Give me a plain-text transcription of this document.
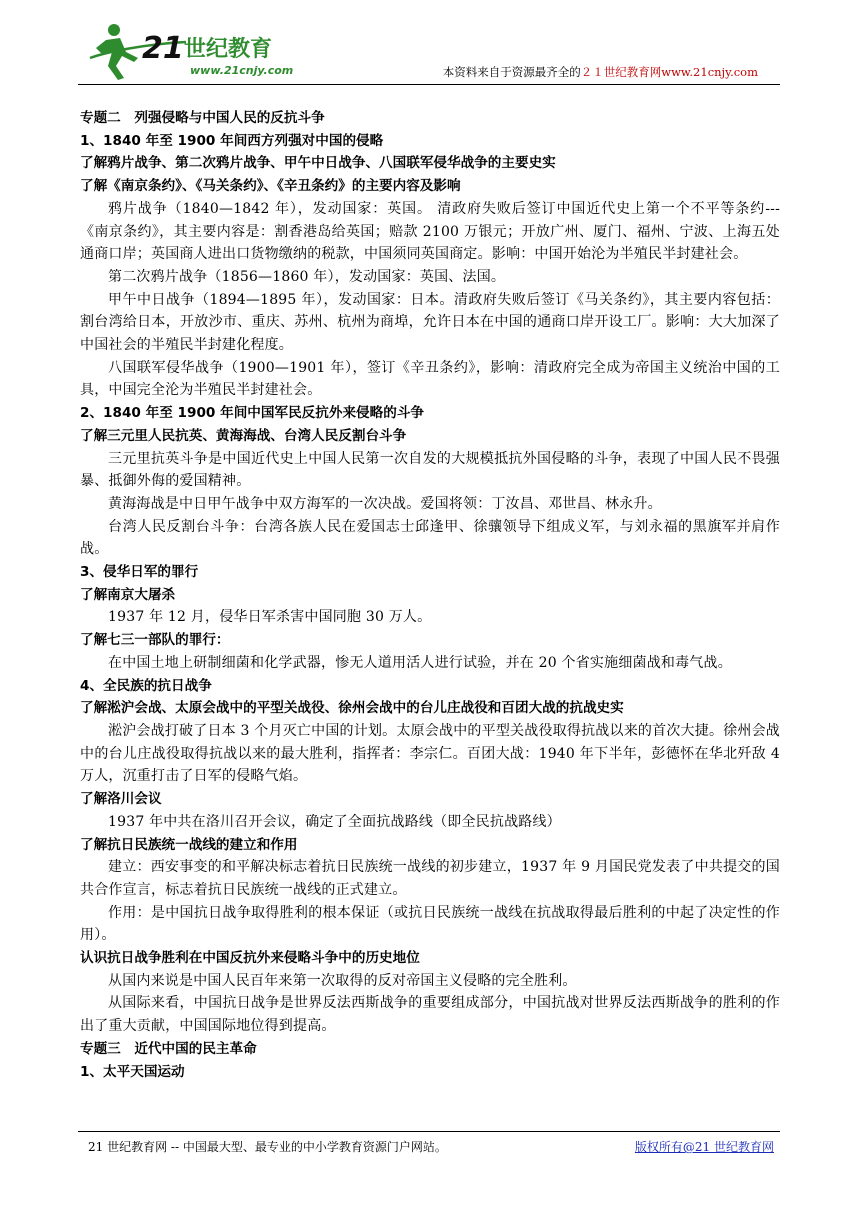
21 世纪教育
www.21cnjy.com	本资料来自于资源最齐全的２１世纪教育网www.21cnjy.com

专题二　列强侵略与中国人民的反抗斗争

1、1840 年至 1900 年间西方列强对中国的侵略

了解鸦片战争、第二次鸦片战争、甲午中日战争、八国联军侵华战争的主要史实

了解《南京条约》、《马关条约》、《辛丑条约》的主要内容及影响

鸦片战争（1840—1842 年），发动国家：英国。 清政府失败后签订中国近代史上第一个不平等条约---《南京条约》，其主要内容是：割香港岛给英国；赔款 2100 万银元；开放广州、厦门、福州、宁波、上海五处通商口岸；英国商人进出口货物缴纳的税款，中国须同英国商定。影响：中国开始沦为半殖民半封建社会。

第二次鸦片战争（1856—1860 年），发动国家：英国、法国。

甲午中日战争（1894—1895 年），发动国家：日本。清政府失败后签订《马关条约》，其主要内容包括：割台湾给日本，开放沙市、重庆、苏州、杭州为商埠，允许日本在中国的通商口岸开设工厂。影响：大大加深了中国社会的半殖民半封建化程度。

八国联军侵华战争（1900—1901 年），签订《辛丑条约》，影响：清政府完全成为帝国主义统治中国的工具，中国完全沦为半殖民半封建社会。

2、1840 年至 1900 年间中国军民反抗外来侵略的斗争

了解三元里人民抗英、黄海海战、台湾人民反割台斗争

三元里抗英斗争是中国近代史上中国人民第一次自发的大规模抵抗外国侵略的斗争，表现了中国人民不畏强暴、抵御外侮的爱国精神。

黄海海战是中日甲午战争中双方海军的一次决战。爱国将领：丁汝昌、邓世昌、林永升。

台湾人民反割台斗争：台湾各族人民在爱国志士邱逢甲、徐骧领导下组成义军，与刘永福的黑旗军并肩作战。

3、侵华日军的罪行

了解南京大屠杀

1937 年 12 月，侵华日军杀害中国同胞 30 万人。

了解七三一部队的罪行：

在中国土地上研制细菌和化学武器，惨无人道用活人进行试验，并在 20 个省实施细菌战和毒气战。

4、全民族的抗日战争

了解淞沪会战、太原会战中的平型关战役、徐州会战中的台儿庄战役和百团大战的抗战史实

淞沪会战打破了日本 3 个月灭亡中国的计划。太原会战中的平型关战役取得抗战以来的首次大捷。徐州会战中的台儿庄战役取得抗战以来的最大胜利，指挥者：李宗仁。百团大战：1940 年下半年，彭德怀在华北歼敌 4 万人，沉重打击了日军的侵略气焰。

了解洛川会议

1937 年中共在洛川召开会议，确定了全面抗战路线（即全民抗战路线）

了解抗日民族统一战线的建立和作用

建立：西安事变的和平解决标志着抗日民族统一战线的初步建立，1937 年 9 月国民党发表了中共提交的国共合作宣言，标志着抗日民族统一战线的正式建立。

作用：是中国抗日战争取得胜利的根本保证（或抗日民族统一战线在抗战取得最后胜利的中起了决定性的作用）。

认识抗日战争胜利在中国反抗外来侵略斗争中的历史地位

从国内来说是中国人民百年来第一次取得的反对帝国主义侵略的完全胜利。

从国际来看，中国抗日战争是世界反法西斯战争的重要组成部分，中国抗战对世界反法西斯战争的胜利的作出了重大贡献，中国国际地位得到提高。

专题三　近代中国的民主革命

1、太平天国运动

21 世纪教育网 -- 中国最大型、最专业的中小学教育资源门户网站。	版权所有@21 世纪教育网
